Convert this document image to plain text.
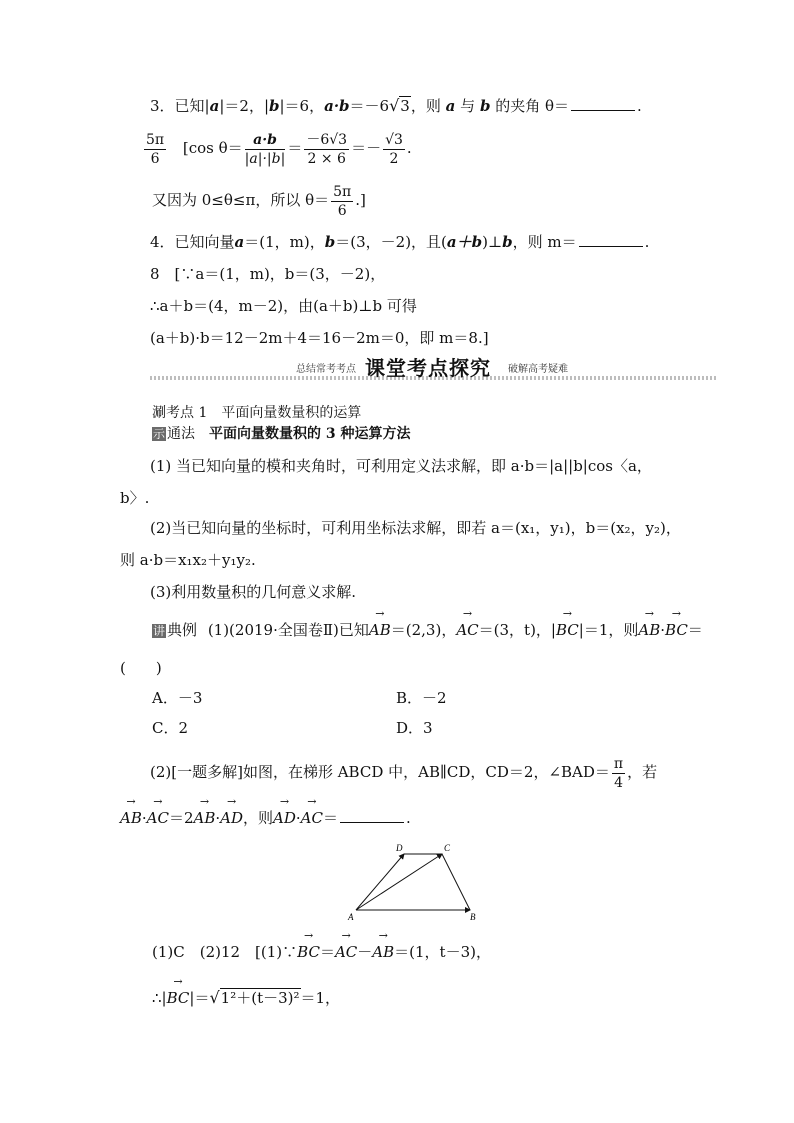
3．已知|a|＝2，|b|＝6，a·b＝－6√3，则 a 与 b 的夹角 θ＝	.
$\frac{5\pi}{6} [\cos$ $\theta= \frac{a\cdot b}{|a|\cdot|b|} = \frac{-6√3}{2 \times 6} =- \frac{√3}{2}$ .
又因为 0≤θ≤π，所以 $\theta= \frac{5\pi}{6}$ .]
4．已知向量a＝(1，m)，b＝(3，－2)，且(a＋b)⊥b，则 m＝	.
8　[∵a＝(1，m)，b＝(3，－2)，
∴a＋b＝(4，m－2)，由(a＋b)⊥b 可得
(a＋b)·b＝12－2m＋4＝16－2m＝0，即 m＝8.]
总结常考考点 课堂考点探究 破解高考疑难
涮考点 1　平面向量数量积的运算
示 通法　平面向量数量积的 3 种运算方法
(1) 当已知向量的模和夹角时，可利用定义法求解，即 a·b＝|a||b|cos〈a，
b〉.
(2)当已知向量的坐标时，可利用坐标法求解，即若 a＝(x₁，y₁)，b＝(x₂，y₂)，
则 a·b＝x₁x₂＋y₁y₂.
(3)利用数量积的几何意义求解.
讲 典例 (1)(2019·全国卷Ⅱ)已知→ AB＝(2,3)，→ AC＝(3，t)，|→ BC|＝1，则→ AB·→ BC＝
(　　)
A．－3	B．－2
C．2	D．3
(2)[一题多解]如图，在梯形 ABCD 中，AB∥CD，CD＝2，∠BAD＝ $\frac{\pi}{4}$ ，若
→ AB·→ AC＝2→ AB·→ AD，则→ AD·→ AC＝	.
A	B
C
D
(1)C　(2)12　[(1)∵→ BC＝→ AC－→ AB＝(1，t－3)，
∴|→ BC|＝√1²＋(t－3)²＝1，
